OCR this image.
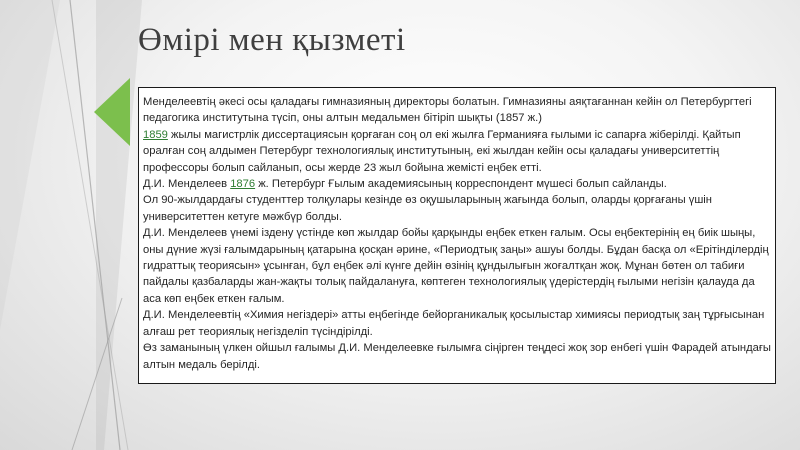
Өмірі мен қызметі

Менделеевтің әкесі осы қаладағы гимназияның директоры болатын. Гимназияны аяқтағаннан кейін ол Петербургтегі педагогика институтына түсіп, оны алтын медальмен бітіріп шықты (1857 ж.)

1859 жылы магистрлік диссертациясын қорғаған соң ол екі жылға Германияға ғылыми іс сапарға жіберілді. Қайтып оралған соң алдымен Петербург технологиялық институтының, екі жылдан кейін осы қаладағы университеттің профессоры болып сайланып, осы жерде 23 жыл бойына жемісті еңбек етті.

Д.И. Менделеев 1876 ж. Петербург Ғылым академиясының корреспондент мүшесі болып сайланды.

Ол 90-жылдардағы студенттер толқулары кезінде өз оқушыларының жағында болып, оларды қорғағаны үшін университеттен кетуге мәжбүр болды.

Д.И. Менделеев үнемі іздену үстінде көп жылдар бойы қарқынды еңбек еткен ғалым. Осы еңбектерінің ең биік шыңы, оны дүние жүзі ғалымдарының қатарына қосқан әрине, «Периодтық заңы» ашуы болды. Бұдан басқа ол «Ерітінділердің гидраттық теориясын» ұсынған, бұл еңбек әлі күнге дейін өзінің құндылығын жоғалтқан жоқ. Мұнан бөтен ол табиғи пайдалы қазбаларды жан-жақты толық пайдалануға, көптеген технологиялық үдерістердің ғылыми негізін қалауда да аса көп еңбек еткен ғалым.

Д.И. Менделеевтің «Химия негіздері» атты еңбегінде бейорганикалық қосылыстар химиясы периодтық заң тұрғысынан алғаш рет теориялық негізделіп түсіндірілді.

Өз заманының үлкен ойшыл ғалымы Д.И. Менделеевке ғылымға сіңірген теңдесі жоқ зор енбегі үшін Фарадей атындағы алтын медаль берілді.
